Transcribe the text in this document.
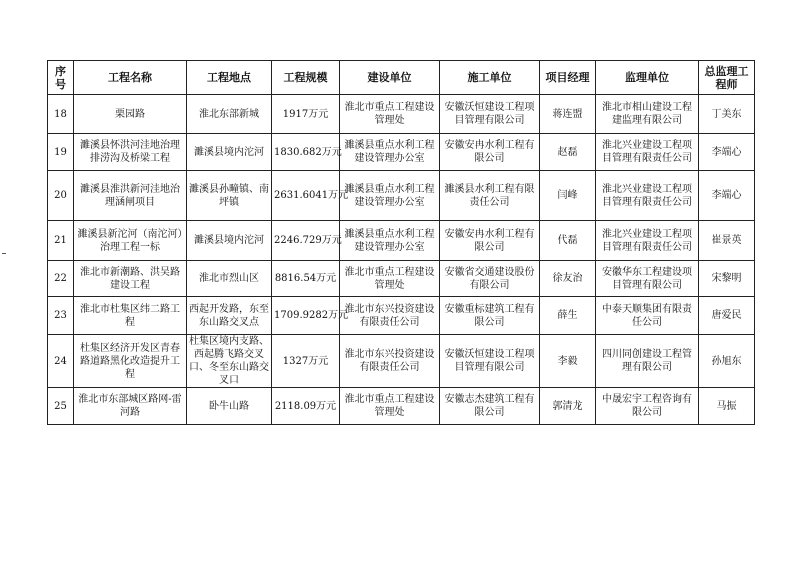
序号	工程名称	工程地点	工程规模	建设单位	施工单位	项目经理	监理单位	总监理工程师
18	栗园路	淮北东部新城	1917万元	淮北市重点工程建设管理处	安徽沃恒建设工程项目管理有限公司	蒋连盟	淮北市相山建设工程建监理有限公司	丁美东
19	濉溪县怀洪河洼地治理排涝沟及桥梁工程	濉溪县境内沱河	1830.682万元	濉溪县重点水利工程建设管理办公室	安徽安冉水利工程有限公司	赵磊	淮北兴业建设工程项目管理有限责任公司	李端心
20	濉溪县淮洪新河洼地治理涵闸项目	濉溪县孙疃镇、南坪镇	2631.6041万元	濉溪县重点水利工程建设管理办公室	濉溪县水利工程有限责任公司	闫峰	淮北兴业建设工程项目管理有限责任公司	李端心
21	濉溪县新沱河（南沱河）治理工程一标	濉溪县境内沱河	2246.729万元	濉溪县重点水利工程建设管理办公室	安徽安冉水利工程有限公司	代磊	淮北兴业建设工程项目管理有限责任公司	崔景英
22	淮北市新潮路、洪吴路建设工程	淮北市烈山区	8816.54万元	淮北市重点工程建设管理处	安徽省交通建设股份有限公司	徐友治	安徽华东工程建设项目管理有限公司	宋黎明
23	淮北市杜集区纬二路工程	西起开发路，东至东山路交叉点	1709.9282万元	淮北市东兴投资建设有限责任公司	安徽重标建筑工程有限公司	薛生	中泰天顺集团有限责任公司	唐爱民
24	杜集区经济开发区青春路道路黑化改造提升工程	杜集区境内支路、西起腾飞路交叉口、冬至东山路交叉口	1327万元	淮北市东兴投资建设有限责任公司	安徽沃恒建设工程项目管理有限公司	李毅	四川同创建设工程管理有限公司	孙旭东
25	淮北市东部城区路网-雷河路	卧牛山路	2118.09万元	淮北市重点工程建设管理处	安徽志杰建筑工程有限公司	郭清龙	中晟宏宇工程咨询有限公司	马振
